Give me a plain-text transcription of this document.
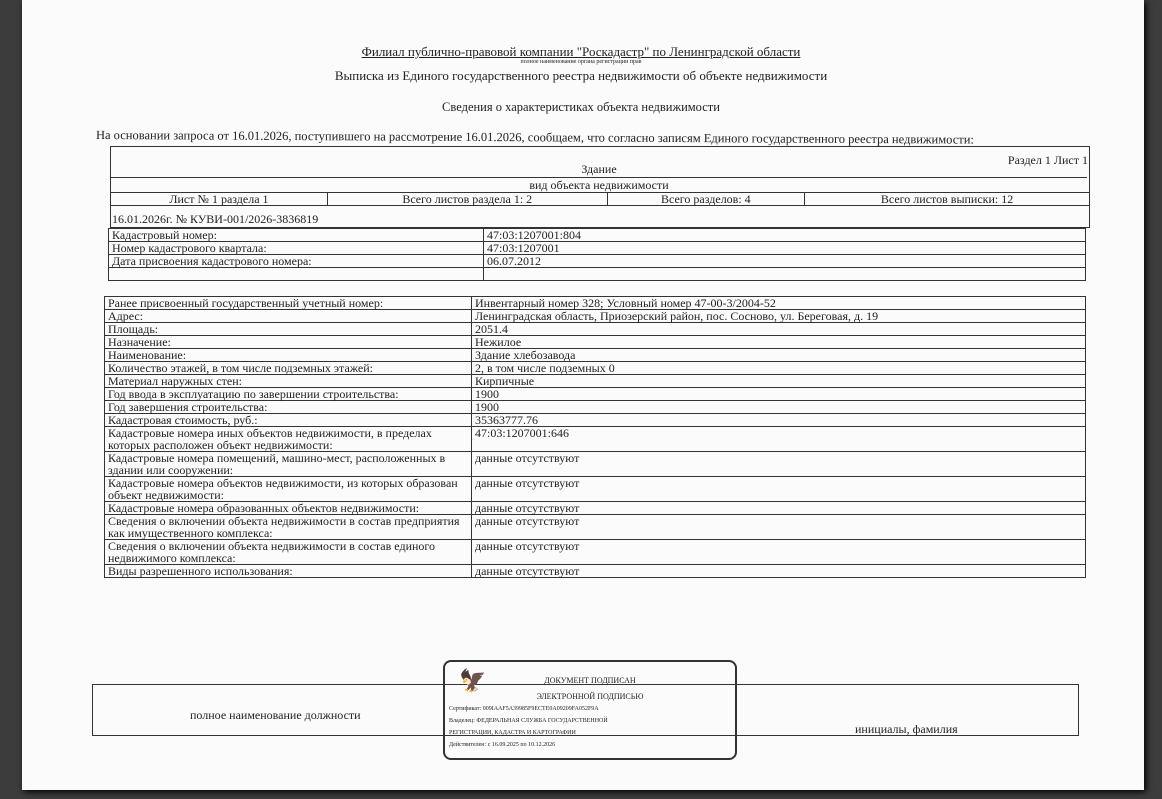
Филиал публично-правовой компании "Роскадастр" по Ленинградской области
полное наименование органа регистрации прав
Выписка из Единого государственного реестра недвижимости об объекте недвижимости
Сведения о характеристиках объекта недвижимости
На основании запроса от 16.01.2026, поступившего на рассмотрение 16.01.2026, сообщаем, что согласно записям Единого государственного реестра недвижимости:
Раздел 1 Лист 1
Здание
вид объекта недвижимости
Лист № 1 раздела 1	Всего листов раздела 1: 2	Всего разделов: 4	Всего листов выписки: 12
16.01.2026г. № КУВИ-001/2026-3836819
Кадастровый номер:	47:03:1207001:804
Номер кадастрового квартала:	47:03:1207001
Дата присвоения кадастрового номера:	06.07.2012

Ранее присвоенный государственный учетный номер:	Инвентарный номер 328; Условный номер 47-00-3/2004-52
Адрес:	Ленинградская область, Приозерский район, пос. Сосново, ул. Береговая, д. 19
Площадь:	2051.4
Назначение:	Нежилое
Наименование:	Здание хлебозавода
Количество этажей, в том числе подземных этажей:	2, в том числе подземных 0
Материал наружных стен:	Кирпичные
Год ввода в эксплуатацию по завершении строительства:	1900
Год завершения строительства:	1900
Кадастровая стоимость, руб.:	35363777.76
Кадастровые номера иных объектов недвижимости, в пределах которых расположен объект недвижимости:	47:03:1207001:646
Кадастровые номера помещений, машино-мест, расположенных в здании или сооружении:	данные отсутствуют
Кадастровые номера объектов недвижимости, из которых образован объект недвижимости:	данные отсутствуют
Кадастровые номера образованных объектов недвижимости:	данные отсутствуют
Сведения о включении объекта недвижимости в состав предприятия как имущественного комплекса:	данные отсутствуют
Сведения о включении объекта недвижимости в состав единого недвижимого комплекса:	данные отсутствуют
Виды разрешенного использования:	данные отсутствуют
полное наименование должности
инициалы, фамилия
🦅	ДОКУМЕНТ ПОДПИСАН
ЭЛЕКТРОННОЙ ПОДПИСЬЮ
Сертификат: 009IAAF5A39985F9ECTE0A09209FA052F9A
Владелец: ФЕДЕРАЛЬНАЯ СЛУЖБА ГОСУДАРСТВЕННОЙ
РЕГИСТРАЦИИ, КАДАСТРА И КАРТОГРАФИИ
Действителен: с 16.09.2025 по 10.12.2026
